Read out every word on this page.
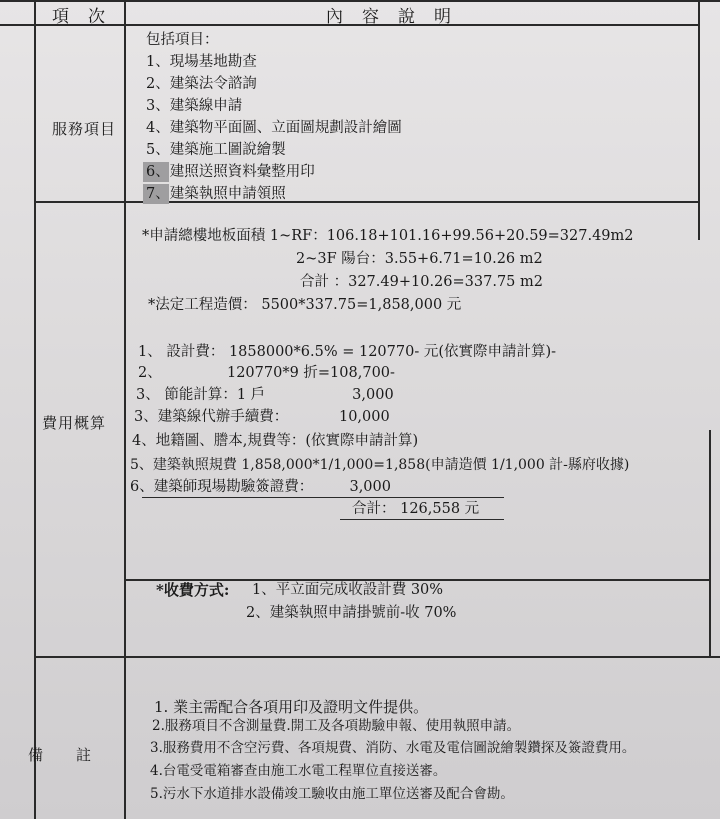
項　次	內　容　說　明
服務項目
包括項目：
1、現場基地勘查
2、建築法令諮詢
3、建築線申請
4、建築物平面圖、立面圖規劃設計繪圖
5、建築施工圖說繪製
6、建照送照資料彙整用印
7、建築執照申請領照
費用概算
*申請總樓地板面積 1~RF：106.18+101.16+99.56+20.59=327.49m2
2~3F 陽台：3.55+6.71=10.26 m2
合計 ：327.49+10.26=337.75 m2
*法定工程造價： 5500*337.75=1,858,000 元
1、 設計費： 1858000*6.5% = 120770- 元(依實際申請計算)-
2、　　　　　120770*9 折=108,700-
3、 節能計算：1 戶　　　　　　3,000
3、建築線代辦手續費：　　　　10,000
4、地籍圖、謄本,規費等：(依實際申請計算)
5、建築執照規費 1,858,000*1/1,000=1,858(申請造價 1/1,000 計-縣府收據)
6、建築師現場勘驗簽證費：　　　3,000
合計： 126,558 元
*收費方式: 1、平立面完成收設計費 30%
2、建築執照申請掛號前-收 70%
備　　註
1. 業主需配合各項用印及證明文件提供。
2.服務項目不含測量費.開工及各項勘驗申報、使用執照申請。
3.服務費用不含空污費、各項規費、消防、水電及電信圖說繪製鑽探及簽證費用。
4.台電受電箱審查由施工水電工程單位直接送審。
5.污水下水道排水設備竣工驗收由施工單位送審及配合會勘。
